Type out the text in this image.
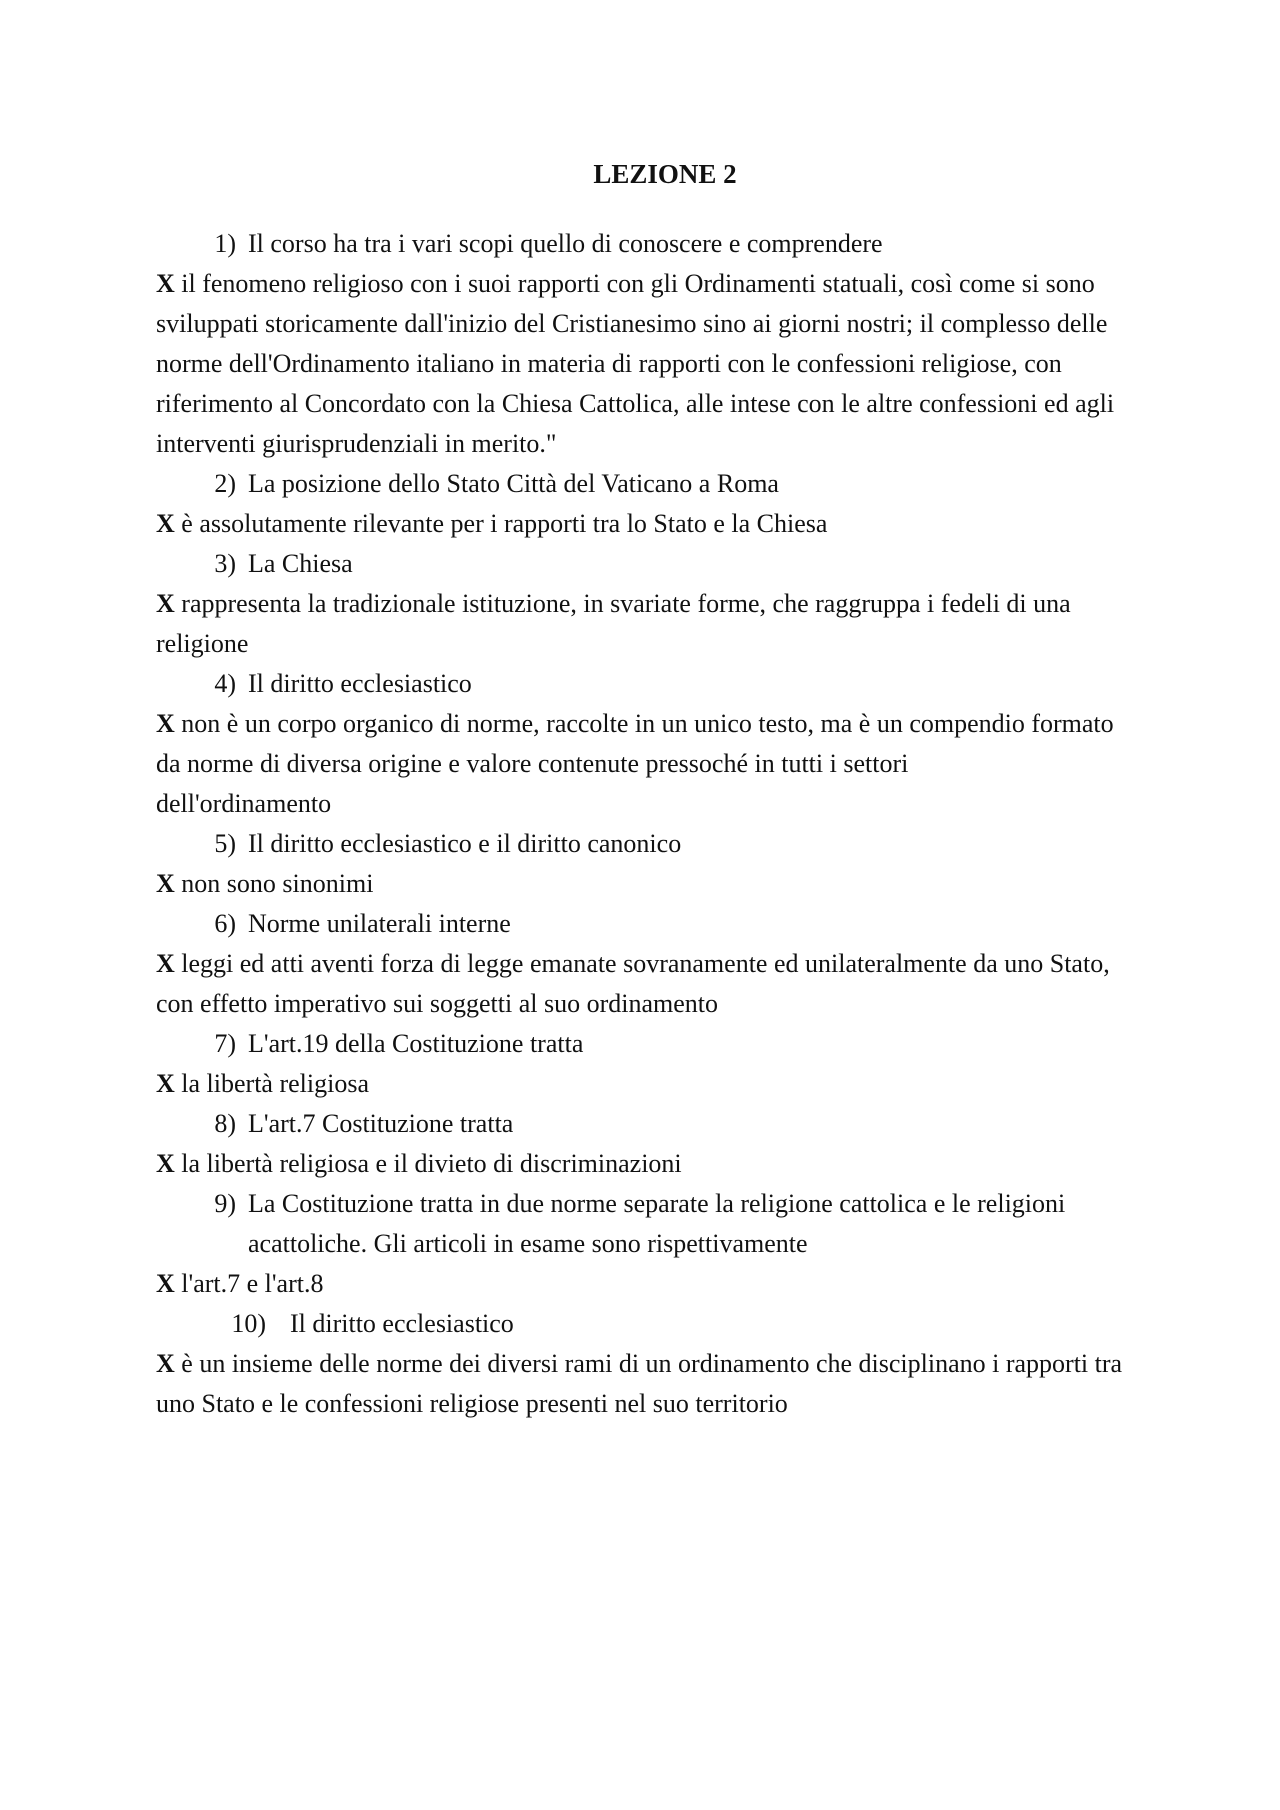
LEZIONE 2
1) Il corso ha tra i vari scopi quello di conoscere e comprendere
X il fenomeno religioso con i suoi rapporti con gli Ordinamenti statuali, così come si sono sviluppati storicamente dall'inizio del Cristianesimo sino ai giorni nostri; il complesso delle norme dell'Ordinamento italiano in materia di rapporti con le confessioni religiose, con riferimento al Concordato con la Chiesa Cattolica, alle intese con le altre confessioni ed agli interventi giurisprudenziali in merito."
2) La posizione dello Stato Città del Vaticano a Roma
X è assolutamente rilevante per i rapporti tra lo Stato e la Chiesa
3) La Chiesa
X rappresenta la tradizionale istituzione, in svariate forme, che raggruppa i fedeli di una religione
4) Il diritto ecclesiastico
X non è un corpo organico di norme, raccolte in un unico testo, ma è un compendio formato da norme di diversa origine e valore contenute pressoché in tutti i settori
dell'ordinamento
5) Il diritto ecclesiastico e il diritto canonico
X non sono sinonimi
6) Norme unilaterali interne
X leggi ed atti aventi forza di legge emanate sovranamente ed unilateralmente da uno Stato, con effetto imperativo sui soggetti al suo ordinamento
7) L'art.19 della Costituzione tratta
X la libertà religiosa
8) L'art.7 Costituzione tratta
X la libertà religiosa e il divieto di discriminazioni
9) La Costituzione tratta in due norme separate la religione cattolica e le religioni acattoliche. Gli articoli in esame sono rispettivamente
X l'art.7 e l'art.8
10) Il diritto ecclesiastico
X è un insieme delle norme dei diversi rami di un ordinamento che disciplinano i rapporti tra uno Stato e le confessioni religiose presenti nel suo territorio
